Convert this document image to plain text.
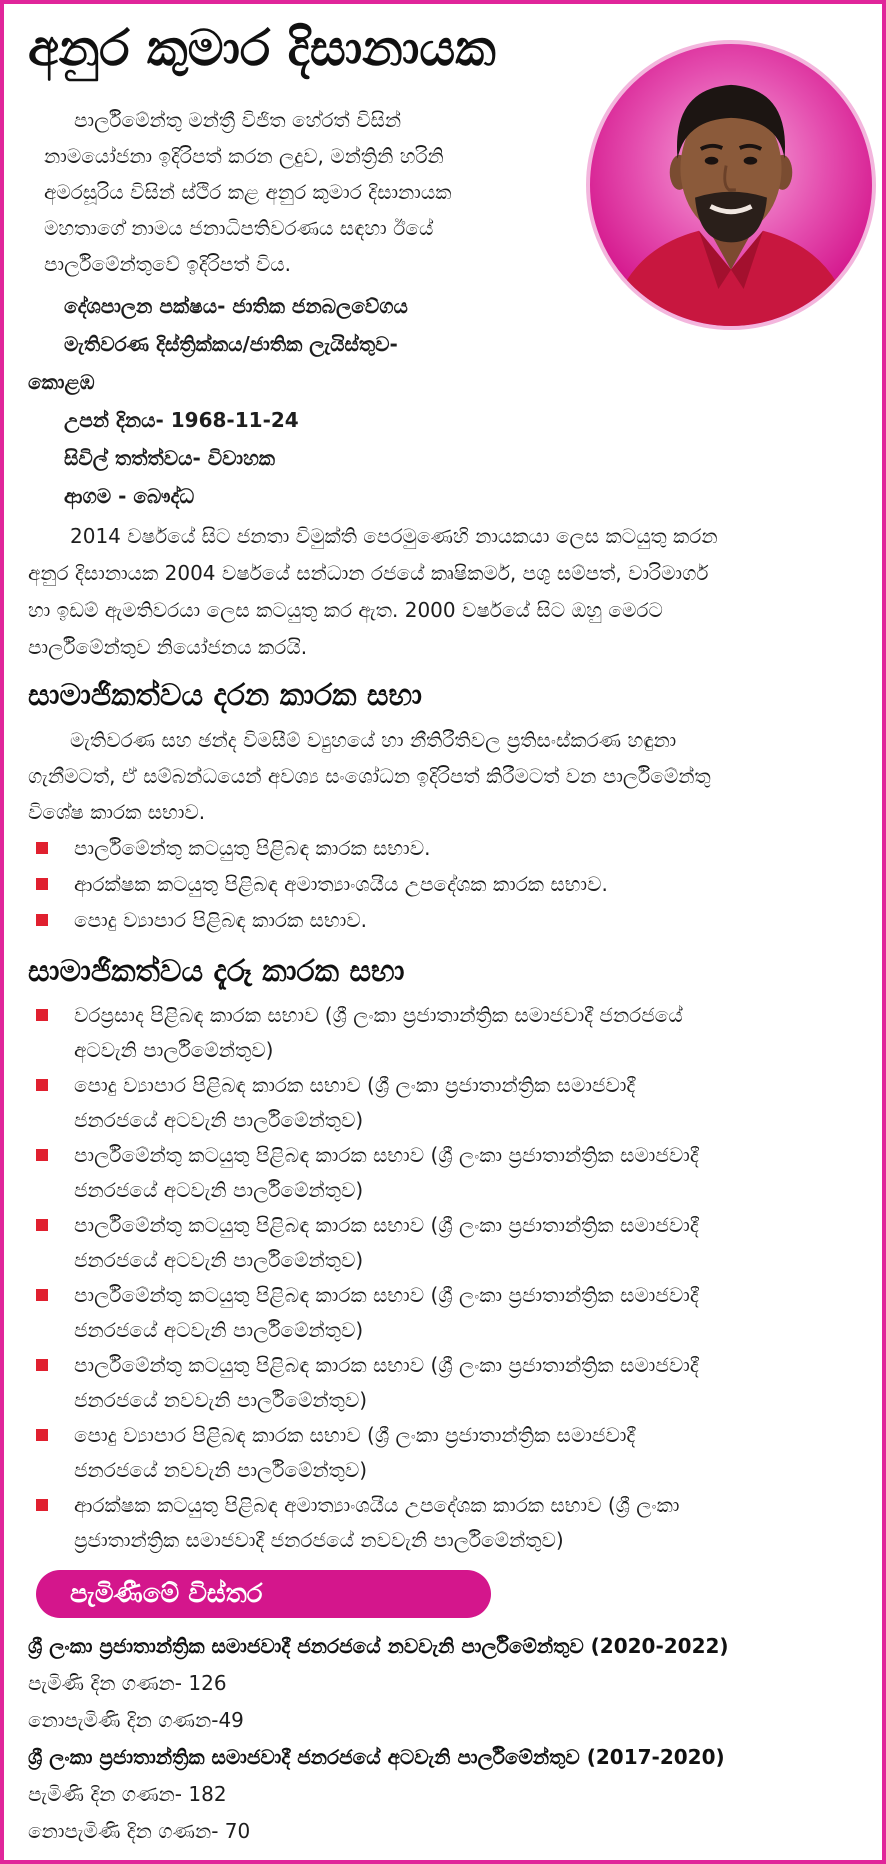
අනුර කුමාර දිසානායක
පාර්ලිමේන්තු මන්ත්‍රී විජිත හේරත් විසින්
නාමයෝජනා ඉදිරිපත් කරන ලදුව, මන්ත්‍රිනි හරිනි
අමරසූරිය විසින් ස්ථිර කළ අනුර කුමාර දිසානායක
මහතාගේ නාමය ජනාධිපතිවරණය සඳහා ඊයේ
පාර්ලිමේන්තුවේ ඉදිරිපත් විය.
දේශපාලන පක්ෂය- ජාතික ජනබලවේගය
මැතිවරණ දිස්ත්‍රික්කය/ජාතික ලැයිස්තුව-
කොළඹ
උපන් දිනය- 1968-11-24
සිවිල් තත්ත්වය- විවාහක
ආගම - බෞද්ධ
2014 වර්ෂයේ සිට ජනතා විමුක්ති පෙරමුණෙහි නායකයා ලෙස කටයුතු කරන
අනුර දිසානායක 2004 වර්ෂයේ සන්ධාන රජයේ කෘෂිකර්ම, පශු සම්පත්, වාරිමාර්ග
හා ඉඩම් ඇමතිවරයා ලෙස කටයුතු කර ඇත. 2000 වර්ෂයේ සිට ඔහු මෙරට
පාර්ලිමේන්තුව නියෝජනය කරයි.
සාමාජිකත්වය දරන කාරක සභා
මැතිවරණ සහ ඡන්ද විමසීම් ව්‍යුහයේ හා නීතිරීතිවල ප්‍රතිසංස්කරණ හඳුනා
ගැනීමටත්, ඒ සම්බන්ධයෙන් අවශ්‍ය සංශෝධන ඉදිරිපත් කිරීමටත් වන පාර්ලිමේන්තු
විශේෂ කාරක සභාව.
පාර්ලිමේන්තු කටයුතු පිළිබඳ කාරක සභාව.
ආරක්ෂක කටයුතු පිළිබඳ අමාත්‍යාංශයීය උපදේශක කාරක සභාව.
පොදු ව්‍යාපාර පිළිබඳ කාරක සභාව.
සාමාජිකත්වය දැරූ කාරක සභා
වරප්‍රසාද පිළිබඳ කාරක සභාව (ශ්‍රී ලංකා ප්‍රජාතාන්ත්‍රික සමාජවාදී ජනරජයේ
අටවැනි පාර්ලිමේන්තුව)
පොදු ව්‍යාපාර පිළිබඳ කාරක සභාව (ශ්‍රී ලංකා ප්‍රජාතාන්ත්‍රික සමාජවාදී
ජනරජයේ අටවැනි පාර්ලිමේන්තුව)
පාර්ලිමේන්තු කටයුතු පිළිබඳ කාරක සභාව (ශ්‍රී ලංකා ප්‍රජාතාන්ත්‍රික සමාජවාදී
ජනරජයේ අටවැනි පාර්ලිමේන්තුව)
පාර්ලිමේන්තු කටයුතු පිළිබඳ කාරක සභාව (ශ්‍රී ලංකා ප්‍රජාතාන්ත්‍රික සමාජවාදී
ජනරජයේ අටවැනි පාර්ලිමේන්තුව)
පාර්ලිමේන්තු කටයුතු පිළිබඳ කාරක සභාව (ශ්‍රී ලංකා ප්‍රජාතාන්ත්‍රික සමාජවාදී
ජනරජයේ අටවැනි පාර්ලිමේන්තුව)
පාර්ලිමේන්තු කටයුතු පිළිබඳ කාරක සභාව (ශ්‍රී ලංකා ප්‍රජාතාන්ත්‍රික සමාජවාදී
ජනරජයේ නවවැනි පාර්ලිමේන්තුව)
පොදු ව්‍යාපාර පිළිබඳ කාරක සභාව (ශ්‍රී ලංකා ප්‍රජාතාන්ත්‍රික සමාජවාදී
ජනරජයේ නවවැනි පාර්ලිමේන්තුව)
ආරක්ෂක කටයුතු පිළිබඳ අමාත්‍යාංශයීය උපදේශක කාරක සභාව (ශ්‍රී ලංකා
ප්‍රජාතාන්ත්‍රික සමාජවාදී ජනරජයේ නවවැනි පාර්ලිමේන්තුව)
පැමිණීමේ විස්තර
ශ්‍රී ලංකා ප්‍රජාතාන්ත්‍රික සමාජවාදී ජනරජයේ නවවැනි පාර්ලිමේන්තුව (2020-2022)
පැමිණි දින ගණන- 126
නොපැමිණි දින ගණන-49
ශ්‍රී ලංකා ප්‍රජාතාන්ත්‍රික සමාජවාදී ජනරජයේ අටවැනි පාර්ලිමේන්තුව (2017-2020)
පැමිණි දින ගණන- 182
නොපැමිණි දින ගණන- 70
